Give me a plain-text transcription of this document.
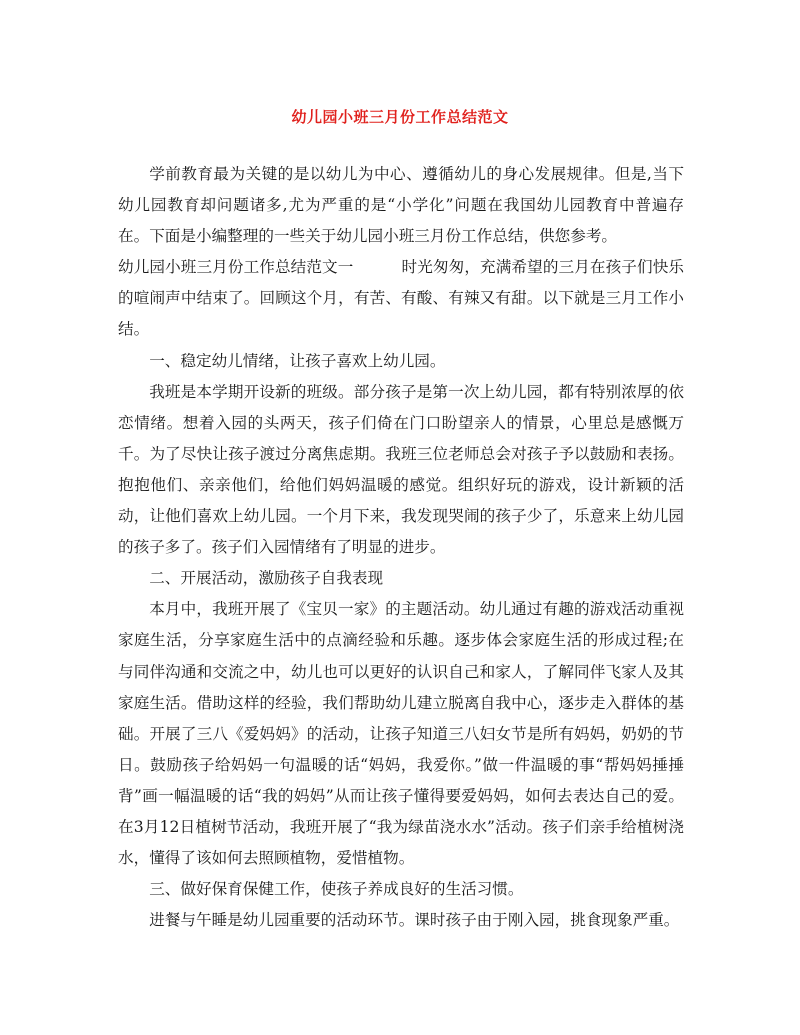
幼儿园小班三月份工作总结范文

学前教育最为关键的是以幼儿为中心、遵循幼儿的身心发展规律。但是,当下幼儿园教育却问题诸多,尤为严重的是“小学化”问题在我国幼儿园教育中普遍存在。下面是小编整理的一些关于幼儿园小班三月份工作总结，供您参考。

幼儿园小班三月份工作总结范文一	时光匆匆，充满希望的三月在孩子们快乐的喧闹声中结束了。回顾这个月，有苦、有酸、有辣又有甜。以下就是三月工作小结。

一、稳定幼儿情绪，让孩子喜欢上幼儿园。

我班是本学期开设新的班级。部分孩子是第一次上幼儿园，都有特别浓厚的依恋情绪。想着入园的头两天，孩子们倚在门口盼望亲人的情景，心里总是感慨万千。为了尽快让孩子渡过分离焦虑期。我班三位老师总会对孩子予以鼓励和表扬。抱抱他们、亲亲他们，给他们妈妈温暖的感觉。组织好玩的游戏，设计新颖的活动，让他们喜欢上幼儿园。一个月下来，我发现哭闹的孩子少了，乐意来上幼儿园的孩子多了。孩子们入园情绪有了明显的进步。

二、开展活动，激励孩子自我表现

本月中，我班开展了《宝贝一家》的主题活动。幼儿通过有趣的游戏活动重视家庭生活，分享家庭生活中的点滴经验和乐趣。逐步体会家庭生活的形成过程;在与同伴沟通和交流之中，幼儿也可以更好的认识自己和家人，了解同伴飞家人及其家庭生活。借助这样的经验，我们帮助幼儿建立脱离自我中心，逐步走入群体的基础。开展了三八《爱妈妈》的活动，让孩子知道三八妇女节是所有妈妈，奶奶的节日。鼓励孩子给妈妈一句温暖的话“妈妈，我爱你。”做一件温暖的事“帮妈妈捶捶背”画一幅温暖的话“我的妈妈”从而让孩子懂得要爱妈妈，如何去表达自己的爱。在3月12日植树节活动，我班开展了“我为绿苗浇水水”活动。孩子们亲手给植树浇水，懂得了该如何去照顾植物，爱惜植物。

三、做好保育保健工作，使孩子养成良好的生活习惯。

进餐与午睡是幼儿园重要的活动环节。课时孩子由于刚入园，挑食现象严重。
